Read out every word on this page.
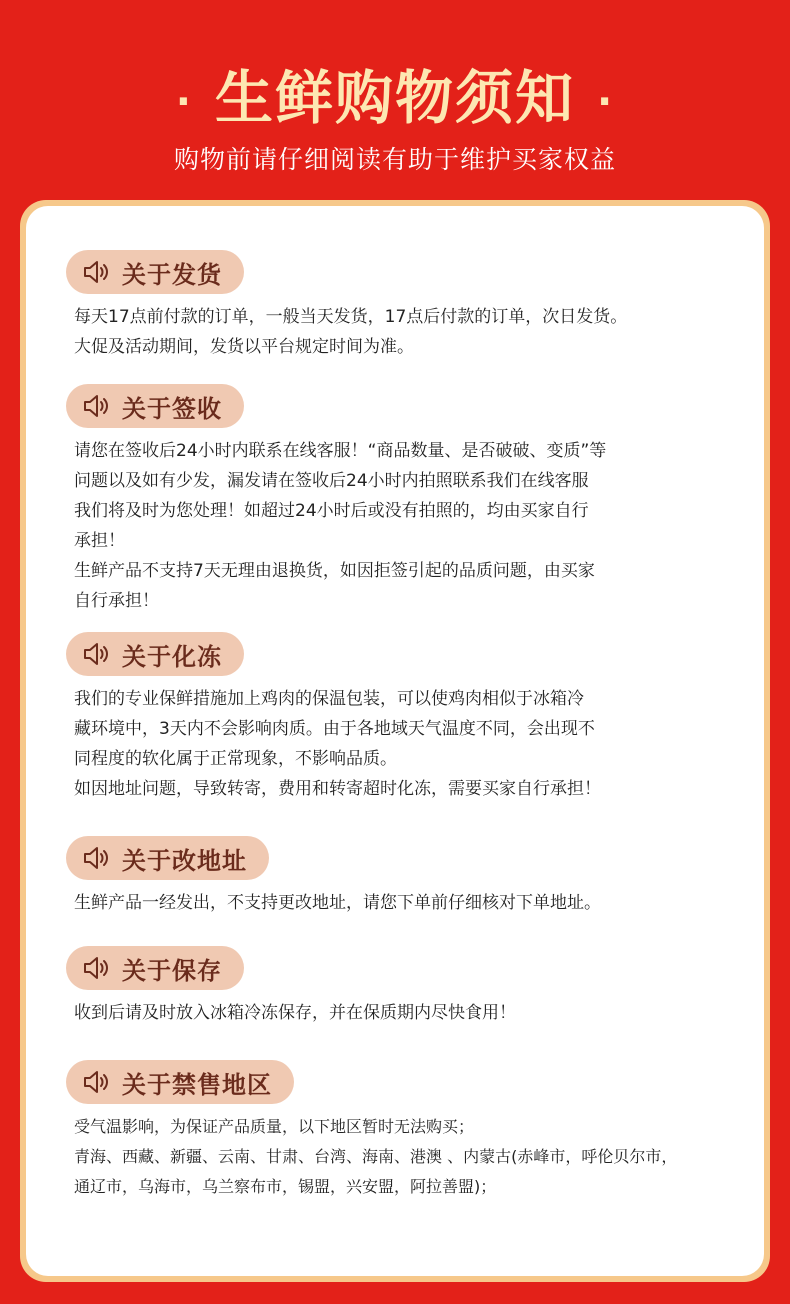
· 生鲜购物须知 ·
购物前请仔细阅读有助于维护买家权益
关于发货
每天17点前付款的订单，一般当天发货，17点后付款的订单，次日发货。
大促及活动期间，发货以平台规定时间为准。
关于签收
请您在签收后24小时内联系在线客服！“商品数量、是否破破、变质”等
问题以及如有少发，漏发请在签收后24小时内拍照联系我们在线客服
我们将及时为您处理！如超过24小时后或没有拍照的，均由买家自行
承担！
生鲜产品不支持7天无理由退换货，如因拒签引起的品质问题，由买家
自行承担！
关于化冻
我们的专业保鲜措施加上鸡肉的保温包装，可以使鸡肉相似于冰箱冷
藏环境中，3天内不会影响肉质。由于各地域天气温度不同，会出现不
同程度的软化属于正常现象，不影响品质。
如因地址问题，导致转寄，费用和转寄超时化冻，需要买家自行承担！
关于改地址
生鲜产品一经发出，不支持更改地址，请您下单前仔细核对下单地址。
关于保存
收到后请及时放入冰箱冷冻保存，并在保质期内尽快食用！
关于禁售地区
受气温影响，为保证产品质量，以下地区暂时无法购买；
青海、西藏、新疆、云南、甘肃、台湾、海南、港澳 、内蒙古(赤峰市，呼伦贝尔市，
通辽市，乌海市，乌兰察布市，锡盟，兴安盟，阿拉善盟)；
